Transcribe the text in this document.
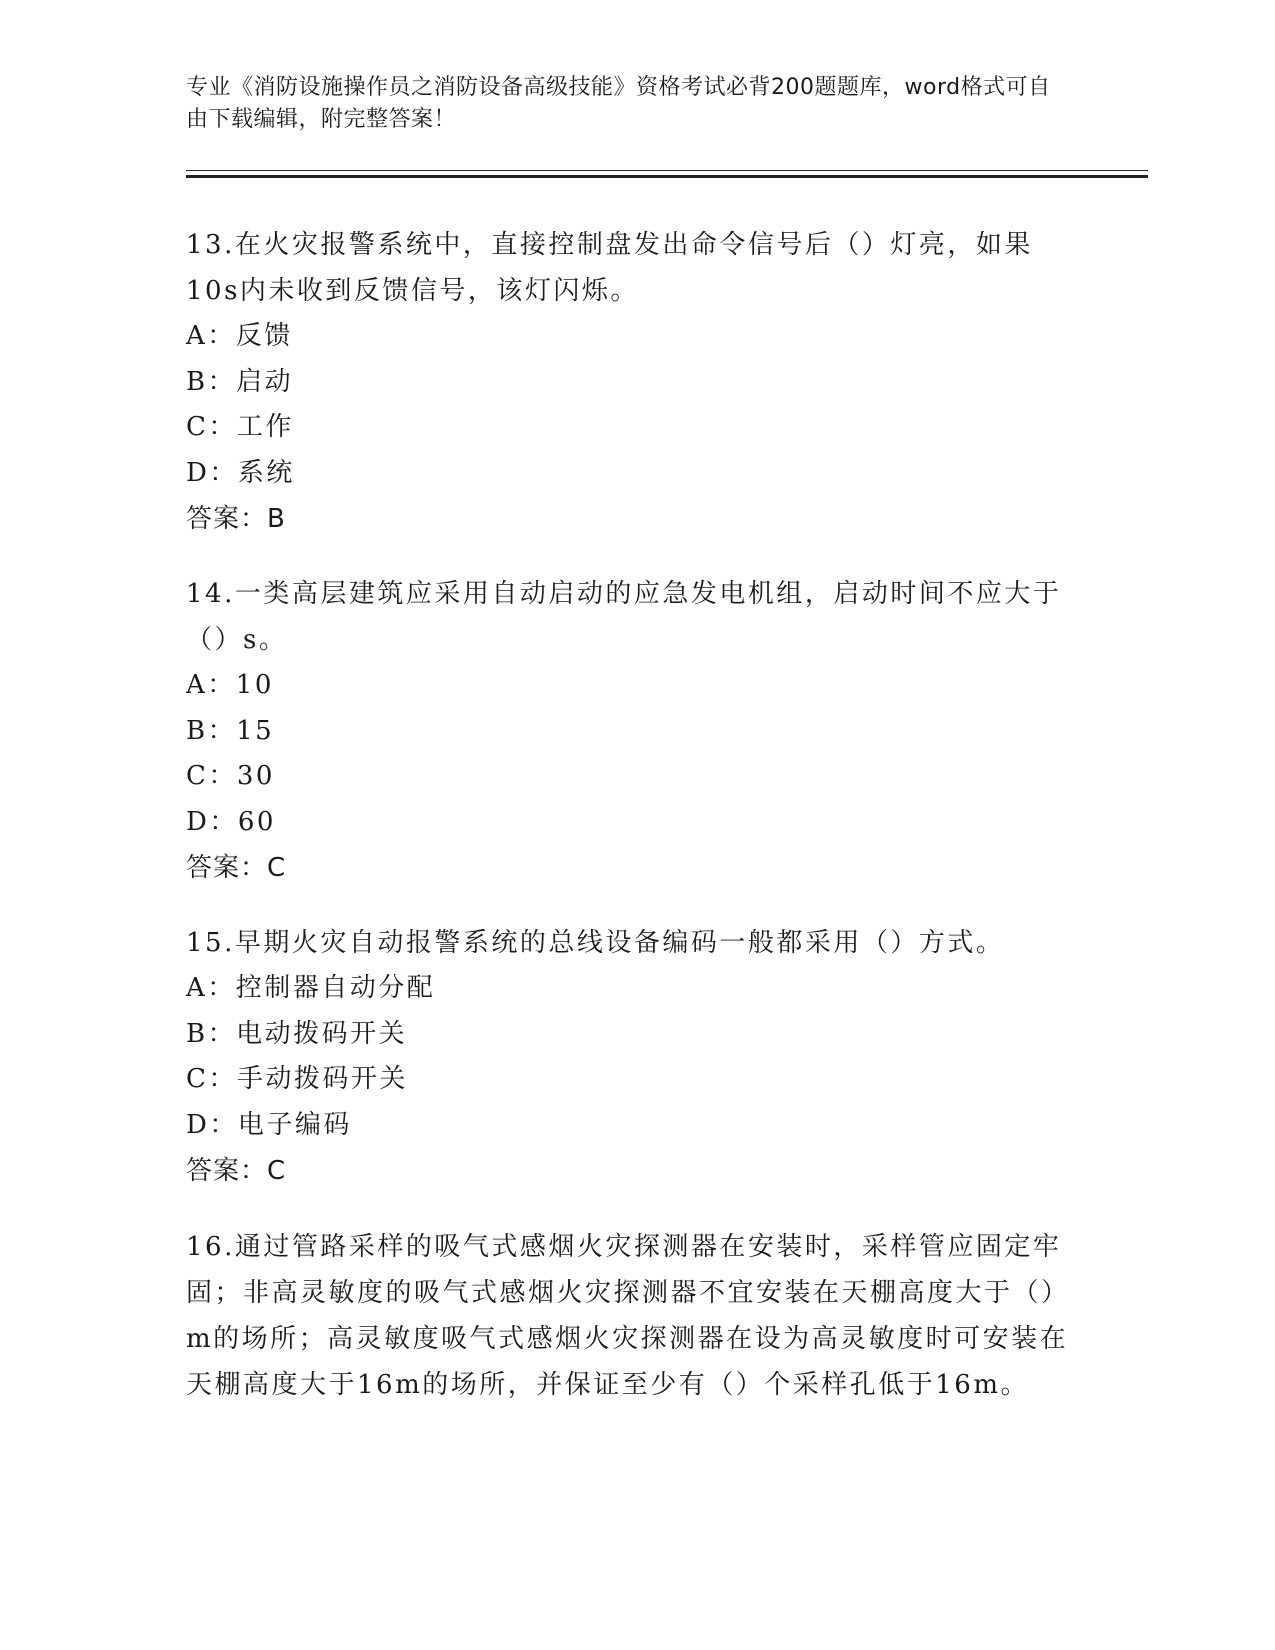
专业《消防设施操作员之消防设备高级技能》资格考试必背200题题库，word格式可自由下载编辑，附完整答案！

13.在火灾报警系统中，直接控制盘发出命令信号后（）灯亮，如果10s内未收到反馈信号，该灯闪烁。

A：反馈

B：启动

C：工作

D：系统

答案：B

14.一类高层建筑应采用自动启动的应急发电机组，启动时间不应大于（）s。

A：10

B：15

C：30

D：60

答案：C

15.早期火灾自动报警系统的总线设备编码一般都采用（）方式。

A：控制器自动分配

B：电动拨码开关

C：手动拨码开关

D：电子编码

答案：C

16.通过管路采样的吸气式感烟火灾探测器在安装时，采样管应固定牢固；非高灵敏度的吸气式感烟火灾探测器不宜安装在天棚高度大于（）m的场所；高灵敏度吸气式感烟火灾探测器在设为高灵敏度时可安装在天棚高度大于16m的场所，并保证至少有（）个采样孔低于16m。
